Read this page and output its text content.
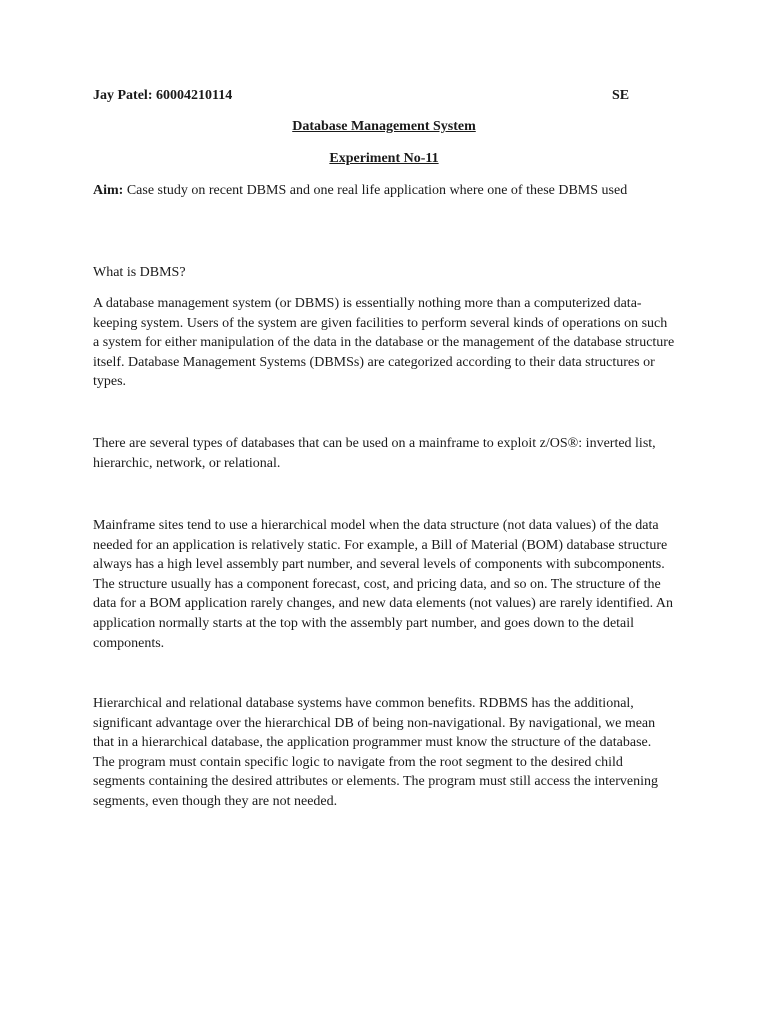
Jay Patel: 60004210114	SE
Database Management System
Experiment No-11

Aim: Case study on recent DBMS and one real life application where one of these DBMS used

What is DBMS?

A database management system (or DBMS) is essentially nothing more than a computerized data-keeping system. Users of the system are given facilities to perform several kinds of operations on such a system for either manipulation of the data in the database or the management of the database structure itself. Database Management Systems (DBMSs) are categorized according to their data structures or types.

There are several types of databases that can be used on a mainframe to exploit z/OS®: inverted list, hierarchic, network, or relational.

Mainframe sites tend to use a hierarchical model when the data structure (not data values) of the data needed for an application is relatively static. For example, a Bill of Material (BOM) database structure always has a high level assembly part number, and several levels of components with subcomponents. The structure usually has a component forecast, cost, and pricing data, and so on. The structure of the data for a BOM application rarely changes, and new data elements (not values) are rarely identified. An application normally starts at the top with the assembly part number, and goes down to the detail components.

Hierarchical and relational database systems have common benefits. RDBMS has the additional, significant advantage over the hierarchical DB of being non-navigational. By navigational, we mean that in a hierarchical database, the application programmer must know the structure of the database. The program must contain specific logic to navigate from the root segment to the desired child segments containing the desired attributes or elements. The program must still access the intervening segments, even though they are not needed.
